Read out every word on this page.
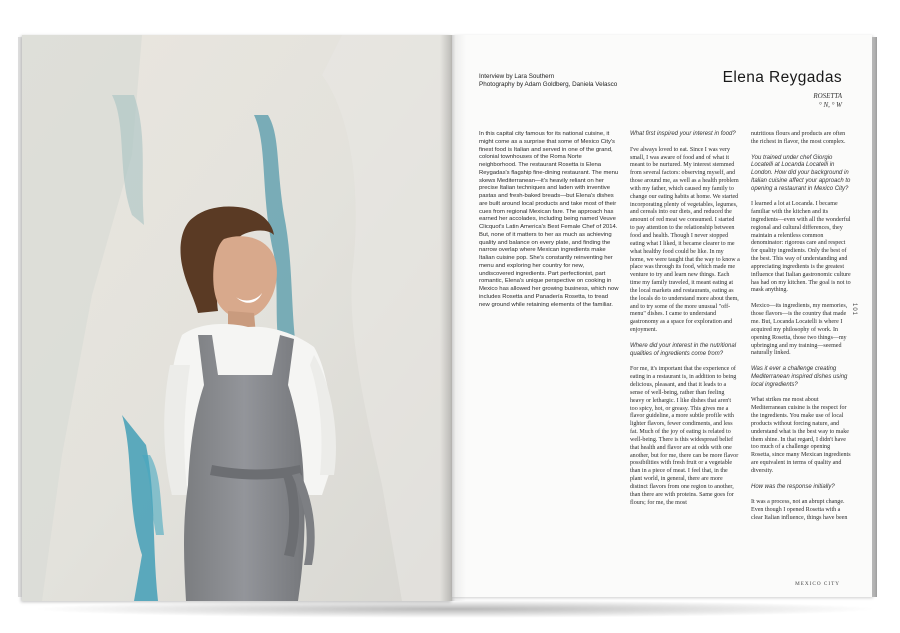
Interview by Lara Southern
Photography by Adam Goldberg, Daniela Velasco	Elena Reygadas
ROSETTA
° N, ° W

In this capital city famous for its national cuisine, it might come as a surprise that some of Mexico City's finest food is Italian and served in one of the grand, colonial townhouses of the Roma Norte neighborhood. The restaurant Rosetta is Elena Reygadas's flagship fine-dining restaurant. The menu skews Mediterranean—it's heavily reliant on her precise Italian techniques and laden with inventive pastas and fresh-baked breads—but Elena's dishes are built around local products and take most of their cues from regional Mexican fare. The approach has earned her accolades, including being named Veuve Clicquot's Latin America's Best Female Chef of 2014. But, none of it matters to her as much as achieving quality and balance on every plate, and finding the narrow overlap where Mexican ingredients make Italian cuisine pop. She's constantly reinventing her menu and exploring her country for new, undiscovered ingredients. Part perfectionist, part romantic, Elena's unique perspective on cooking in Mexico has allowed her growing business, which now includes Rosetta and Panadería Rosetta, to tread new ground while retaining elements of the familiar.

What first inspired your interest in food?

I've always loved to eat. Since I was very small, I was aware of food and of what it meant to be nurtured. My interest stemmed from several factors: observing myself, and those around me, as well as a health problem with my father, which caused my family to change our eating habits at home. We started incorporating plenty of vegetables, legumes, and cereals into our diets, and reduced the amount of red meat we consumed. I started to pay attention to the relationship between food and health. Though I never stopped eating what I liked, it became clearer to me what healthy food could be like. In my home, we were taught that the way to know a place was through its food, which made me venture to try and learn new things. Each time my family traveled, it meant eating at the local markets and restaurants, eating as the locals do to understand more about them, and to try some of the more unusual "off-menu" dishes. I came to understand gastronomy as a space for exploration and enjoyment.

Where did your interest in the nutritional qualities of ingredients come from?

For me, it's important that the experience of eating in a restaurant is, in addition to being delicious, pleasant, and that it leads to a sense of well-being, rather than feeling heavy or lethargic. I like dishes that aren't too spicy, hot, or greasy. This gives me a flavor guideline, a more subtle profile with lighter flavors, fewer condiments, and less fat. Much of the joy of eating is related to well-being. There is this widespread belief that health and flavor are at odds with one another, but for me, there can be more flavor possibilities with fresh fruit or a vegetable than in a piece of meat. I feel that, in the plant world, in general, there are more distinct flavors from one region to another, than there are with proteins. Same goes for flours; for me, the most

nutritious flours and products are often the richest in flavor, the most complex.

You trained under chef Giorgio Locatelli at Locanda Locatelli in London. How did your background in Italian cuisine affect your approach to opening a restaurant in Mexico City?

I learned a lot at Locanda. I became familiar with the kitchen and its ingredients—even with all the wonderful regional and cultural differences, they maintain a relentless common denominator: rigorous care and respect for quality ingredients. Only the best of the best. This way of understanding and appreciating ingredients is the greatest influence that Italian gastronomic culture has had on my kitchen. The goal is not to mask anything.

Mexico—its ingredients, my memories, those flavors—is the country that made me. But, Locanda Locatelli is where I acquired my philosophy of work. In opening Rosetta, those two things—my upbringing and my training—seemed naturally linked.

Was it ever a challenge creating Mediterranean inspired dishes using local ingredients?

What strikes me most about Mediterranean cuisine is the respect for the ingredients. You make use of local products without forcing nature, and understand what is the best way to make them shine. In that regard, I didn't have too much of a challenge opening Rosetta, since many Mexican ingredients are equivalent in terms of quality and diversity.

How was the response initially?

It was a process, not an abrupt change. Even though I opened Rosetta with a clear Italian influence, things have been

101
MEXICO CITY
